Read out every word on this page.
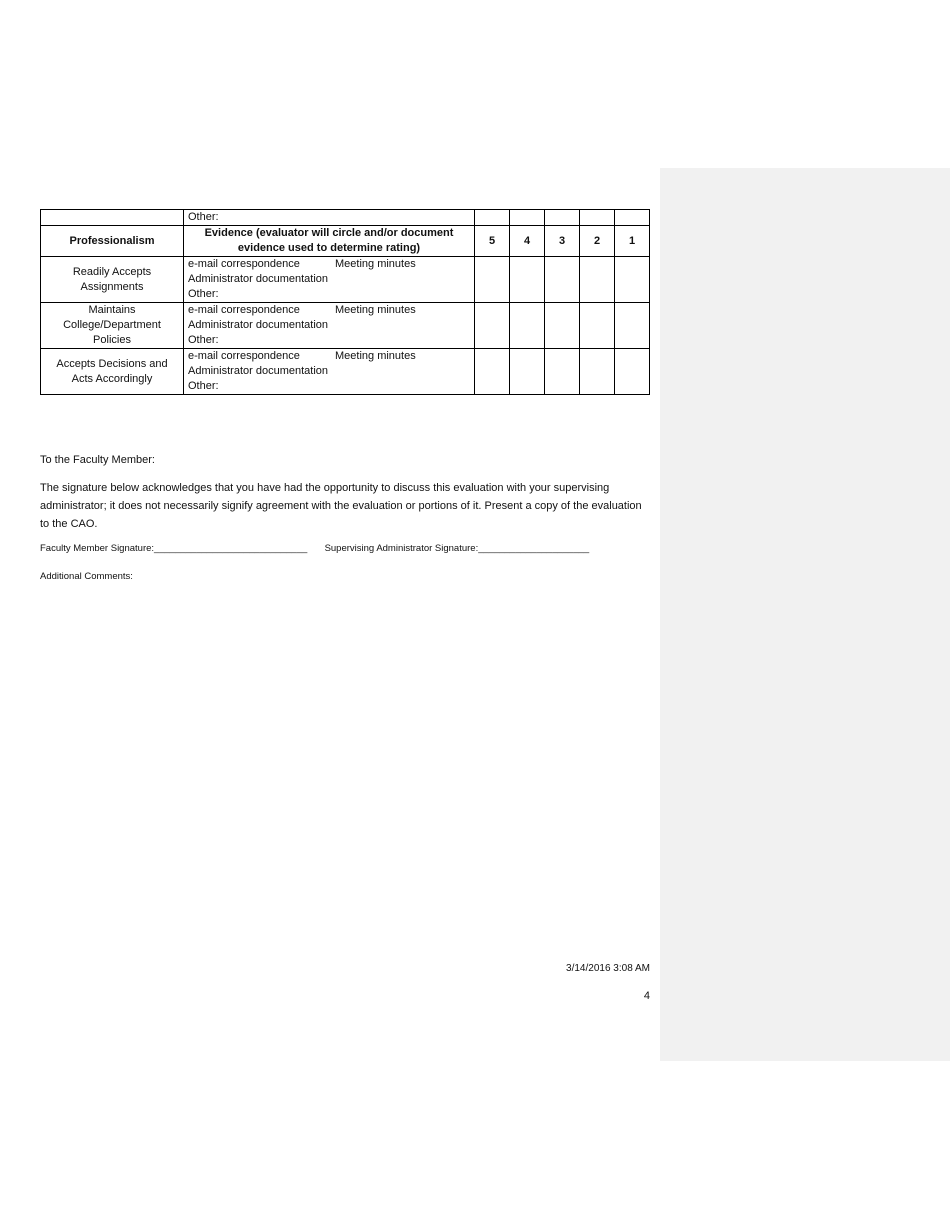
	Other:					
Professionalism	Evidence (evaluator will circle and/or document evidence used to determine rating)	5	4	3	2	1
Readily Accepts Assignments	e-mail correspondence Meeting minutes
Administrator documentation
Other:					

Maintains College/Department Policies	e-mail correspondence Meeting minutes
Administrator documentation
Other:					

Accepts Decisions and Acts Accordingly	e-mail correspondence Meeting minutes
Administrator documentation
Other:					

To the Faculty Member:

The signature below acknowledges that you have had the opportunity to discuss this evaluation with your supervising administrator; it does not necessarily signify agreement with the evaluation or portions of it. Present a copy of the evaluation to the CAO.

Faculty Member Signature:_____________________________ Supervising Administrator Signature:_____________________
Additional Comments:
3/14/2016 3:08 AM
4
